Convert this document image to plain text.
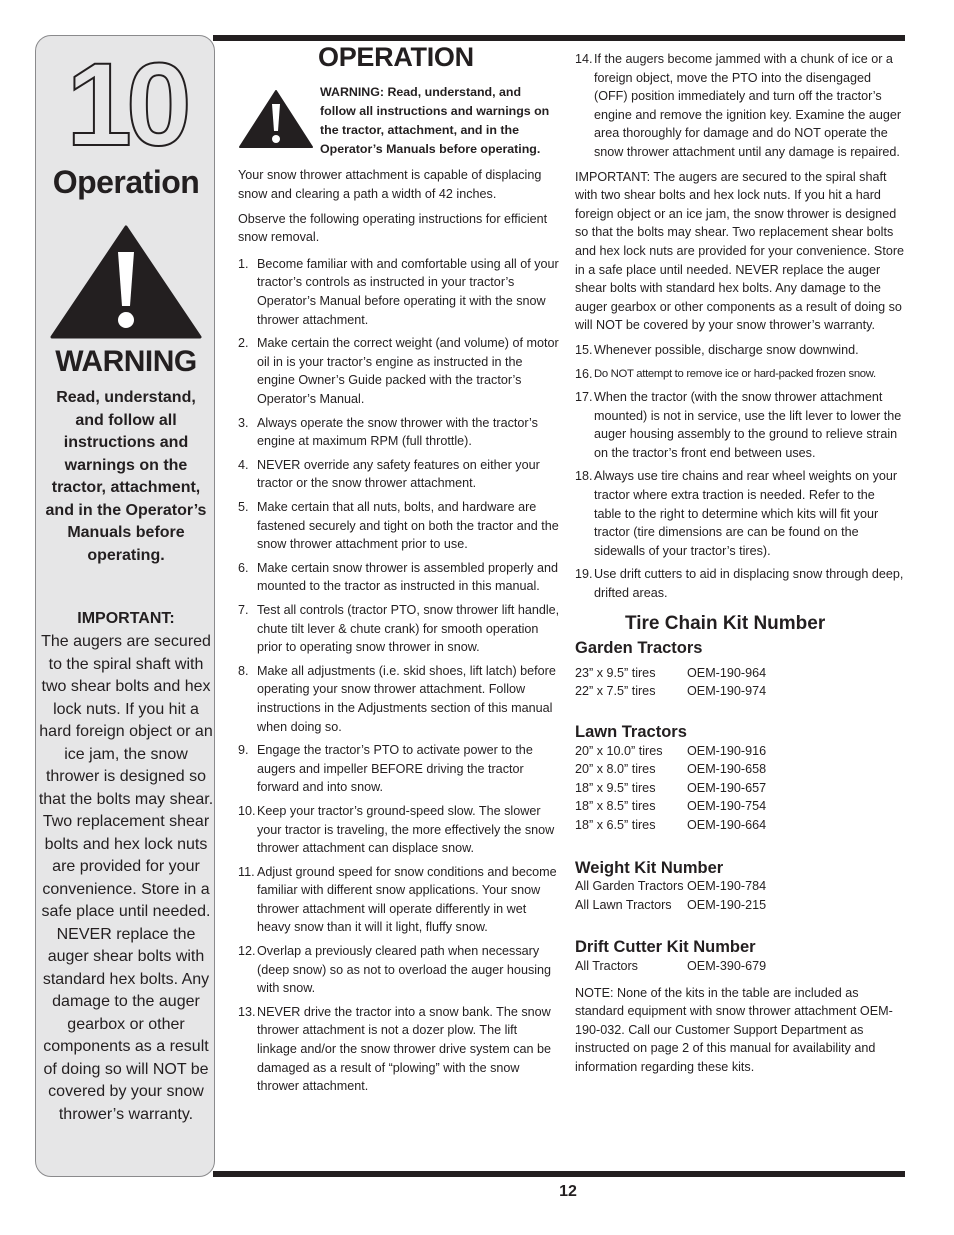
10
Operation
WARNING
Read, understand, and follow all instructions and warnings on the tractor, attachment, and in the Operator’s Manuals before operating.
IMPORTANT:
The augers are secured to the spiral shaft with two shear bolts and hex lock nuts. If you hit a hard foreign object or an ice jam, the snow thrower is designed so that the bolts may shear. Two replacement shear bolts and hex lock nuts are provided for your convenience. Store in a safe place until needed. NEVER replace the auger shear bolts with standard hex bolts. Any damage to the auger gearbox or other components as a result of doing so will NOT be covered by your snow thrower’s warranty.
OPERATION
WARNING: Read, understand, and follow all instructions and warnings on the tractor, attachment, and in the Operator’s Manuals before operating.

Your snow thrower attachment is capable of displacing snow and clearing a path a width of 42 inches.

Observe the following operating instructions for efficient snow removal.

1. Become familiar with and comfortable using all of your tractor’s controls as instructed in your tractor’s Operator’s Manual before operating it with the snow thrower attachment.
2. Make certain the correct weight (and volume) of motor oil in is your tractor’s engine as instructed in the engine Owner’s Guide packed with the tractor’s Operator’s Manual.
3. Always operate the snow thrower with the tractor’s engine at maximum RPM (full throttle).
4. NEVER override any safety features on either your tractor or the snow thrower attachment.
5. Make certain that all nuts, bolts, and hardware are fastened securely and tight on both the tractor and the snow thrower attachment prior to use.
6. Make certain snow thrower is assembled properly and mounted to the tractor as instructed in this manual.
7. Test all controls (tractor PTO, snow thrower lift handle, chute tilt lever & chute crank) for smooth operation prior to operating snow thrower in snow.
8. Make all adjustments (i.e. skid shoes, lift latch) before operating your snow thrower attachment. Follow instructions in the Adjustments section of this manual when doing so.
9. Engage the tractor’s PTO to activate power to the augers and impeller BEFORE driving the tractor forward and into snow.
10. Keep your tractor’s ground-speed slow. The slower your tractor is traveling, the more effectively the snow thrower attachment can displace snow.
11. Adjust ground speed for snow conditions and become familiar with different snow applications. Your snow thrower attachment will operate differently in wet heavy snow than it will it light, fluffy snow.
12. Overlap a previously cleared path when necessary (deep snow) so as not to overload the auger housing with snow.
13. NEVER drive the tractor into a snow bank. The snow thrower attachment is not a dozer plow. The lift linkage and/or the snow thrower drive system can be damaged as a result of “plowing” with the snow thrower attachment.
14. If the augers become jammed with a chunk of ice or a foreign object, move the PTO into the disengaged (OFF) position immediately and turn off the tractor’s engine and remove the ignition key. Examine the auger area thoroughly for damage and do NOT operate the snow thrower attachment until any damage is repaired.

IMPORTANT: The augers are secured to the spiral shaft with two shear bolts and hex lock nuts. If you hit a hard foreign object or an ice jam, the snow thrower is designed so that the bolts may shear. Two replacement shear bolts and hex lock nuts are provided for your convenience. Store in a safe place until needed. NEVER replace the auger shear bolts with standard hex bolts. Any damage to the auger gearbox or other components as a result of doing so will NOT be covered by your snow thrower’s warranty.

15. Whenever possible, discharge snow downwind.
16. Do NOT attempt to remove ice or hard-packed frozen snow.
17. When the tractor (with the snow thrower attachment mounted) is not in service, use the lift lever to lower the auger housing assembly to the ground to relieve strain on the tractor’s front end between uses.
18. Always use tire chains and rear wheel weights on your tractor where extra traction is needed. Refer to the table to the right to determine which kits will fit your tractor (tire dimensions are can be found on the sidewalls of your tractor’s tires).
19. Use drift cutters to aid in displacing snow through deep, drifted areas.
Tire Chain Kit Number
Garden Tractors
23” x 9.5” tires	OEM-190-964
22” x 7.5” tires	OEM-190-974
Lawn Tractors
20” x 10.0” tires	OEM-190-916
20” x 8.0” tires	OEM-190-658
18” x 9.5” tires	OEM-190-657
18” x 8.5” tires	OEM-190-754
18” x 6.5” tires	OEM-190-664
Weight Kit Number
All Garden Tractors OEM-190-784
All Lawn Tractors	OEM-190-215
Drift Cutter Kit Number
All Tractors	OEM-390-679

NOTE: None of the kits in the table are included as standard equipment with snow thrower attachment OEM-190-032. Call our Customer Support Department as instructed on page 2 of this manual for availability and information regarding these kits.

12
